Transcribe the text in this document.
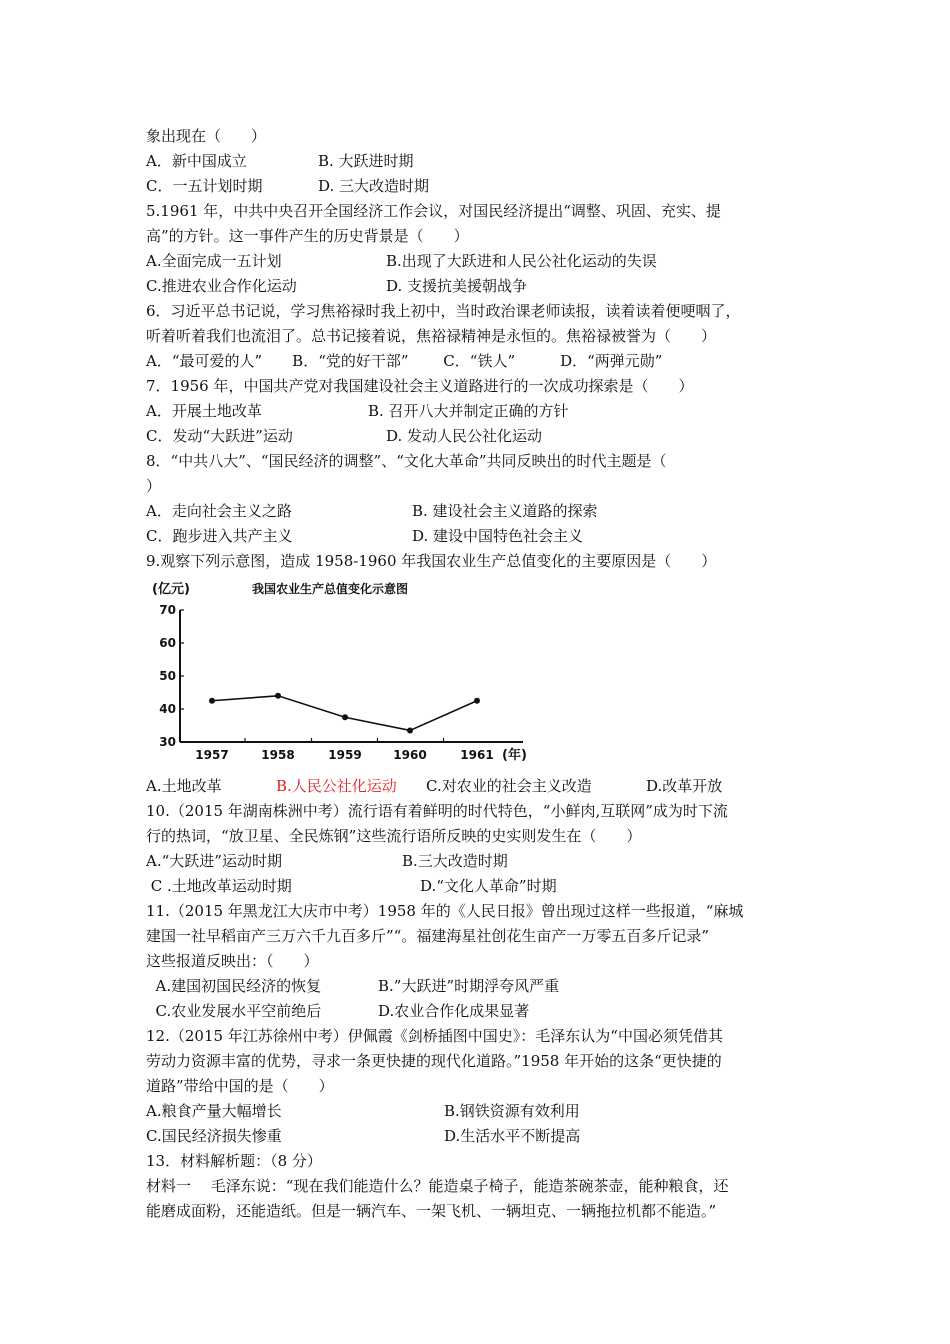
象出现在（　　）
A．新中国成立	B. 大跃进时期
C．一五计划时期	D. 三大改造时期
5.1961 年，中共中央召开全国经济工作会议，对国民经济提出“调整、巩固、充实、提
高”的方针。这一事件产生的历史背景是（　　）
A.全面完成一五计划	B.出现了大跃进和人民公社化运动的失误
C.推进农业合作化运动	D. 支援抗美援朝战争
6．习近平总书记说，学习焦裕禄时我上初中，当时政治课老师读报，读着读着便哽咽了，
听着听着我们也流泪了。总书记接着说，焦裕禄精神是永恒的。焦裕禄被誉为（　　）
A．“最可爱的人”　　B．“党的好干部”　　 C．“铁人”　　　D．“两弹元勋”
7．1956 年，中国共产党对我国建设社会主义道路进行的一次成功探索是（　　）
A．开展土地改革	B. 召开八大并制定正确的方针
C．发动“大跃进”运动	D. 发动人民公社化运动
8．“中共八大”、“国民经济的调整”、“文化大革命”共同反映出的时代主题是（
）
A．走向社会主义之路	B. 建设社会主义道路的探索
C．跑步进入共产主义	D. 建设中国特色社会主义
9.观察下列示意图，造成 1958-1960 年我国农业生产总值变化的主要原因是（　　）
(亿元)	我国农业生产总值变化示意图
(年)
30
40
50
60
70
1957	1958	1959	1960	1961
A.土地改革	B.人民公社化运动 C.对农业的社会主义改造	D.改革开放
10.（2015 年湖南株洲中考）流行语有着鲜明的时代特色，“小鲜肉,互联网”成为时下流
行的热词，“放卫星、全民炼钢”这些流行语所反映的史实则发生在（　　）
A.“大跃进”运动时期	B.三大改造时期
C .土地改革运动时期	D.“文化人革命”时期
11.（2015 年黑龙江大庆市中考）1958 年的《人民日报》曾出现过这样一些报道，“麻城
建国一社早稻亩产三万六千九百多斤”“。福建海星社创花生亩产一万零五百多斤记录”
这些报道反映出：（　　）
A.建国初国民经济的恢复	B.”大跃进”时期浮夸风严重
C.农业发展水平空前绝后	D.农业合作化成果显著
12.（2015 年江苏徐州中考）伊佩霞《剑桥插图中国史》：毛泽东认为“中国必须凭借其
劳动力资源丰富的优势，寻求一条更快捷的现代化道路。”1958 年开始的这条“更快捷的
道路”带给中国的是（　　）
A.粮食产量大幅增长	B.钢铁资源有效利用
C.国民经济损失惨重	D.生活水平不断提高
13．材料解析题：（8 分）
材料一　 毛泽东说：“现在我们能造什么？能造桌子椅子，能造茶碗茶壶，能种粮食，还
能磨成面粉，还能造纸。但是一辆汽车、一架飞机、一辆坦克、一辆拖拉机都不能造。”
